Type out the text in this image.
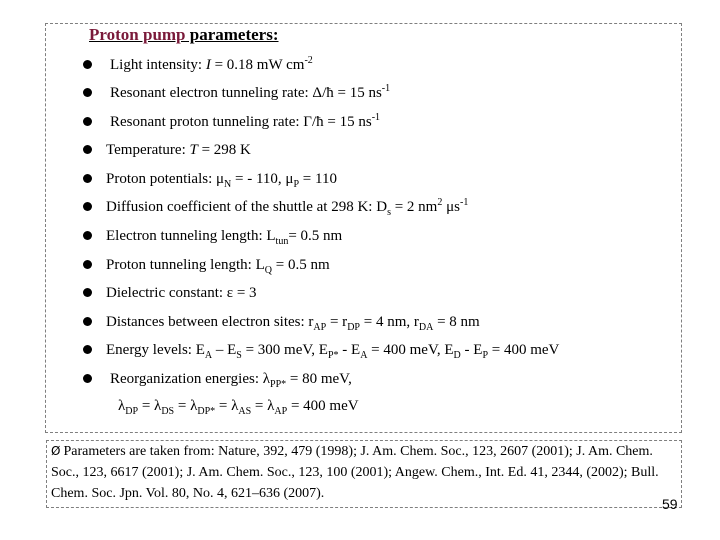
Proton pump parameters:
Light intensity: I = 0.18 mW $cm^{-2}$
Resonant electron tunneling rate: Δ/ħ = 15 $ns^{-1}$
Resonant proton tunneling rate: Γ/ħ = 15 $ns^{-1}$
Temperature: T = 298 K
Proton potentials: $\mu_N$ = - 110, $\mu_P = 110$
Diffusion coefficient of the shuttle at 298 K: $D_s = 2$ $nm^2$ $\mu s^{-1}$
Electron tunneling length: $L_{tun}= 0.5$ nm
Proton tunneling length: $L_Q = 0.5$ nm
Dielectric constant: ε = 3
Distances between electron sites: $r_{AP} = r_{DP} = 4$ nm, $r_{DA} = 8$ nm
Energy levels: $E_A - E_S = 300$ meV, $E_{P*} - E_A = 400$ meV, $E_D - E_P = 400$ meV
Reorganization energies: $\lambda_{PP*} = 80$ meV,
$\lambda_{DP} = \lambda_{DS} = \lambda_{DP*} = \lambda_{AS} = \lambda_{AP} = 400$ meV
Ø Parameters are taken from: Nature, 392, 479 (1998); J. Am. Chem. Soc., 123, 2607 (2001); J. Am. Chem. Soc., 123, 6617 (2001); J. Am. Chem. Soc., 123, 100 (2001); Angew. Chem., Int. Ed. 41, 2344, (2002); Bull. Chem. Soc. Jpn. Vol. 80, No. 4, 621–636 (2007).
59
